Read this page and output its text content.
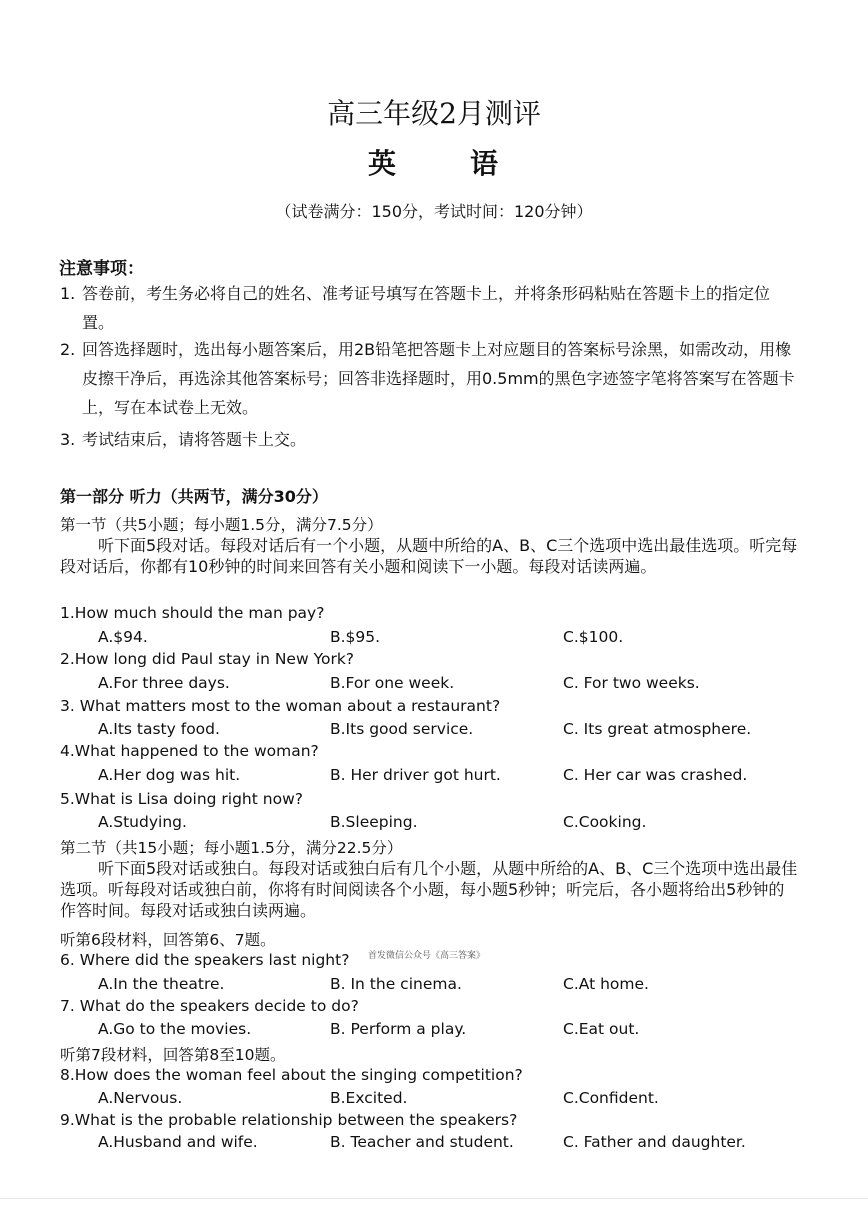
高三年级2月测评
英	语
（试卷满分：150分，考试时间：120分钟）
注意事项：
1. 答卷前，考生务必将自己的姓名、准考证号填写在答题卡上，并将条形码粘贴在答题卡上的指定位置。
2. 回答选择题时，选出每小题答案后，用2B铅笔把答题卡上对应题目的答案标号涂黑，如需改动，用橡皮擦干净后，再选涂其他答案标号；回答非选择题时，用0.5mm的黑色字迹签字笔将答案写在答题卡上，写在本试卷上无效。
3. 考试结束后，请将答题卡上交。
第一部分 听力（共两节，满分30分）
第一节（共5小题；每小题1.5分，满分7.5分）
听下面5段对话。每段对话后有一个小题，从题中所给的A、B、C三个选项中选出最佳选项。听完每段对话后，你都有10秒钟的时间来回答有关小题和阅读下一小题。每段对话读两遍。
1.How much should the man pay?
A.$94.	B.$95.	C.$100.
2.How long did Paul stay in New York?
A.For three days.	B.For one week.	C. For two weeks.
3. What matters most to the woman about a restaurant?
A.Its tasty food.	B.Its good service.	C. Its great atmosphere.
4.What happened to the woman?
A.Her dog was hit.	B. Her driver got hurt.	C. Her car was crashed.
5.What is Lisa doing right now?
A.Studying.	B.Sleeping.	C.Cooking.
第二节（共15小题；每小题1.5分，满分22.5分）
听下面5段对话或独白。每段对话或独白后有几个小题，从题中所给的A、B、C三个选项中选出最佳选项。听每段对话或独白前，你将有时间阅读各个小题，每小题5秒钟；听完后，各小题将给出5秒钟的作答时间。每段对话或独白读两遍。
听第6段材料，回答第6、7题。
首发微信公众号《高三答案》
6. Where did the speakers last night?
A.In the theatre.	B. In the cinema.	C.At home.
7. What do the speakers decide to do?
A.Go to the movies.	B. Perform a play.	C.Eat out.
听第7段材料，回答第8至10题。
8.How does the woman feel about the singing competition?
A.Nervous.	B.Excited.	C.Confident.
9.What is the probable relationship between the speakers?
A.Husband and wife.	B. Teacher and student.	C. Father and daughter.
